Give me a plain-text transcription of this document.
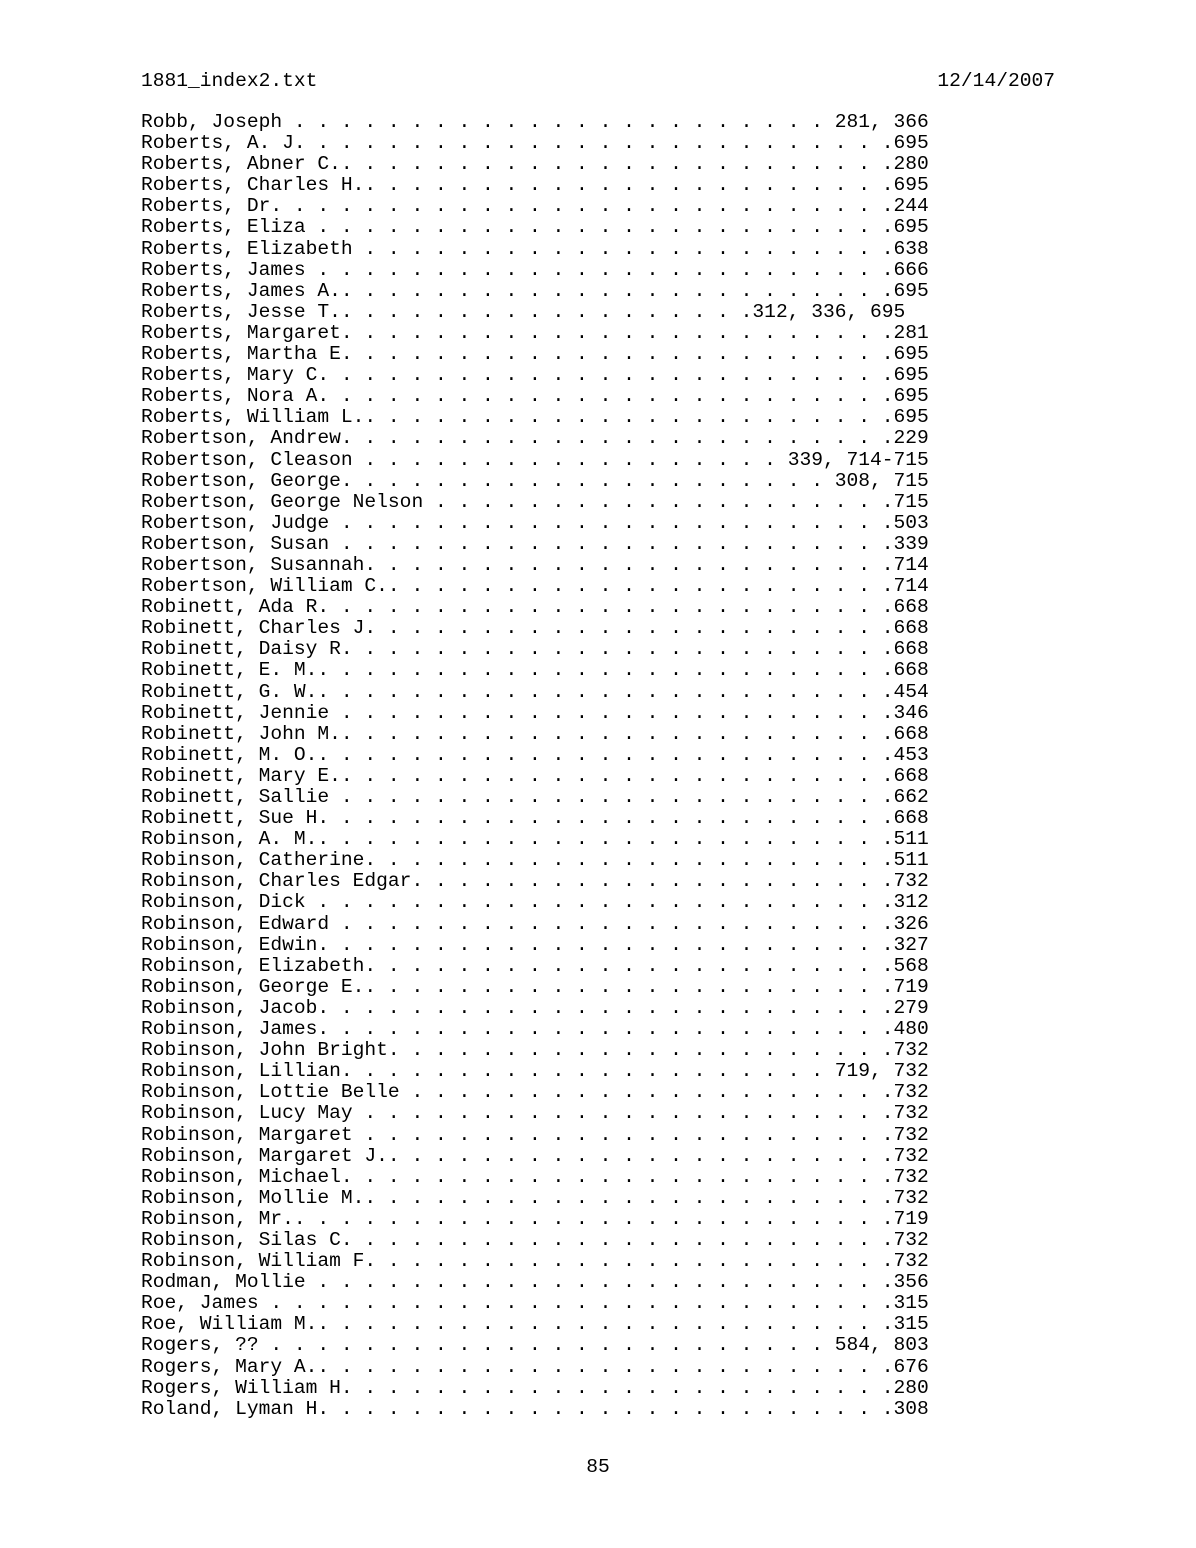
1881_index2.txt	12/14/2007
Robb, Joseph . . . . . . . . . . . . . . . . . . . . . . . 281, 366
Roberts, A. J. . . . . . . . . . . . . . . . . . . . . . . . . .695
Roberts, Abner C.. . . . . . . . . . . . . . . . . . . . . . . .280
Roberts, Charles H.. . . . . . . . . . . . . . . . . . . . . . .695
Roberts, Dr. . . . . . . . . . . . . . . . . . . . . . . . . . .244
Roberts, Eliza . . . . . . . . . . . . . . . . . . . . . . . . .695
Roberts, Elizabeth . . . . . . . . . . . . . . . . . . . . . . .638
Roberts, James . . . . . . . . . . . . . . . . . . . . . . . . .666
Roberts, James A.. . . . . . . . . . . . . . . . . . . . . . . .695
Roberts, Jesse T.. . . . . . . . . . . . . . . . . .312, 336, 695
Roberts, Margaret. . . . . . . . . . . . . . . . . . . . . . . .281
Roberts, Martha E. . . . . . . . . . . . . . . . . . . . . . . .695
Roberts, Mary C. . . . . . . . . . . . . . . . . . . . . . . . .695
Roberts, Nora A. . . . . . . . . . . . . . . . . . . . . . . . .695
Roberts, William L.. . . . . . . . . . . . . . . . . . . . . . .695
Robertson, Andrew. . . . . . . . . . . . . . . . . . . . . . . .229
Robertson, Cleason . . . . . . . . . . . . . . . . . . 339, 714-715
Robertson, George. . . . . . . . . . . . . . . . . . . . . 308, 715
Robertson, George Nelson . . . . . . . . . . . . . . . . . . . .715
Robertson, Judge . . . . . . . . . . . . . . . . . . . . . . . .503
Robertson, Susan . . . . . . . . . . . . . . . . . . . . . . . .339
Robertson, Susannah. . . . . . . . . . . . . . . . . . . . . . .714
Robertson, William C.. . . . . . . . . . . . . . . . . . . . . .714
Robinett, Ada R. . . . . . . . . . . . . . . . . . . . . . . . .668
Robinett, Charles J. . . . . . . . . . . . . . . . . . . . . . .668
Robinett, Daisy R. . . . . . . . . . . . . . . . . . . . . . . .668
Robinett, E. M.. . . . . . . . . . . . . . . . . . . . . . . . .668
Robinett, G. W.. . . . . . . . . . . . . . . . . . . . . . . . .454
Robinett, Jennie . . . . . . . . . . . . . . . . . . . . . . . .346
Robinett, John M.. . . . . . . . . . . . . . . . . . . . . . . .668
Robinett, M. O.. . . . . . . . . . . . . . . . . . . . . . . . .453
Robinett, Mary E.. . . . . . . . . . . . . . . . . . . . . . . .668
Robinett, Sallie . . . . . . . . . . . . . . . . . . . . . . . .662
Robinett, Sue H. . . . . . . . . . . . . . . . . . . . . . . . .668
Robinson, A. M.. . . . . . . . . . . . . . . . . . . . . . . . .511
Robinson, Catherine. . . . . . . . . . . . . . . . . . . . . . .511
Robinson, Charles Edgar. . . . . . . . . . . . . . . . . . . . .732
Robinson, Dick . . . . . . . . . . . . . . . . . . . . . . . . .312
Robinson, Edward . . . . . . . . . . . . . . . . . . . . . . . .326
Robinson, Edwin. . . . . . . . . . . . . . . . . . . . . . . . .327
Robinson, Elizabeth. . . . . . . . . . . . . . . . . . . . . . .568
Robinson, George E.. . . . . . . . . . . . . . . . . . . . . . .719
Robinson, Jacob. . . . . . . . . . . . . . . . . . . . . . . . .279
Robinson, James. . . . . . . . . . . . . . . . . . . . . . . . .480
Robinson, John Bright. . . . . . . . . . . . . . . . . . . . . .732
Robinson, Lillian. . . . . . . . . . . . . . . . . . . . . 719, 732
Robinson, Lottie Belle . . . . . . . . . . . . . . . . . . . . .732
Robinson, Lucy May . . . . . . . . . . . . . . . . . . . . . . .732
Robinson, Margaret . . . . . . . . . . . . . . . . . . . . . . .732
Robinson, Margaret J.. . . . . . . . . . . . . . . . . . . . . .732
Robinson, Michael. . . . . . . . . . . . . . . . . . . . . . . .732
Robinson, Mollie M.. . . . . . . . . . . . . . . . . . . . . . .732
Robinson, Mr.. . . . . . . . . . . . . . . . . . . . . . . . . .719
Robinson, Silas C. . . . . . . . . . . . . . . . . . . . . . . .732
Robinson, William F. . . . . . . . . . . . . . . . . . . . . . .732
Rodman, Mollie . . . . . . . . . . . . . . . . . . . . . . . . .356
Roe, James . . . . . . . . . . . . . . . . . . . . . . . . . . .315
Roe, William M.. . . . . . . . . . . . . . . . . . . . . . . . .315
Rogers, ?? . . . . . . . . . . . . . . . . . . . . . . . . 584, 803
Rogers, Mary A.. . . . . . . . . . . . . . . . . . . . . . . . .676
Rogers, William H. . . . . . . . . . . . . . . . . . . . . . . .280
Roland, Lyman H. . . . . . . . . . . . . . . . . . . . . . . . .308
85
